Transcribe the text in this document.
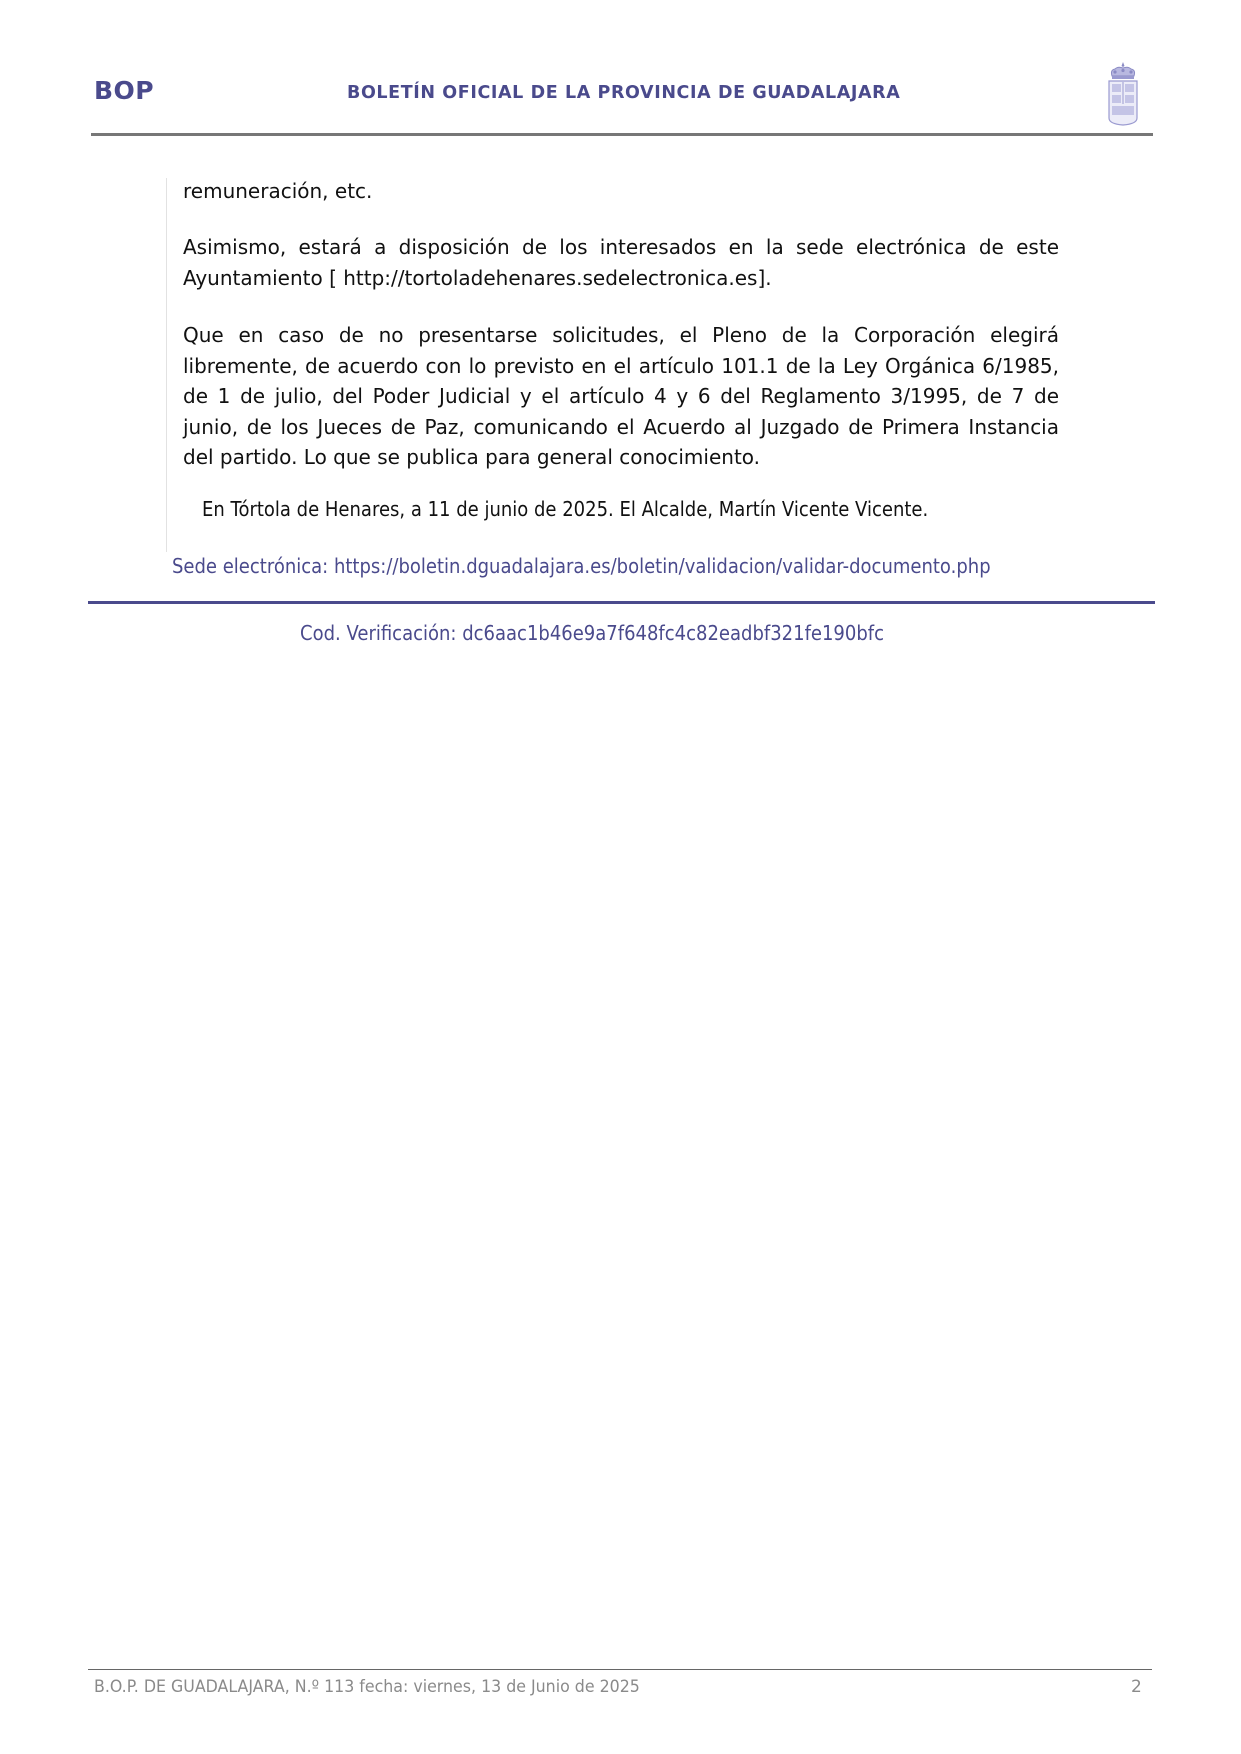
BOP	BOLETÍN OFICIAL DE LA PROVINCIA DE GUADALAJARA

remuneración, etc.

Asimismo, estará a disposición de los interesados en la sede electrónica de este Ayuntamiento [ http://tortoladehenares.sedelectronica.es].

Que en caso de no presentarse solicitudes, el Pleno de la Corporación elegirá libremente, de acuerdo con lo previsto en el artículo 101.1 de la Ley Orgánica 6/1985, de 1 de julio, del Poder Judicial y el artículo 4 y 6 del Reglamento 3/1995, de 7 de junio, de los Jueces de Paz, comunicando el Acuerdo al Juzgado de Primera Instancia del partido. Lo que se publica para general conocimiento.

En Tórtola de Henares, a 11 de junio de 2025. El Alcalde, Martín Vicente Vicente.
Sede electrónica: https://boletin.dguadalajara.es/boletin/validacion/validar-documento.php
Cod. Verificación: dc6aac1b46e9a7f648fc4c82eadbf321fe190bfc
B.O.P. DE GUADALAJARA, N.º 113 fecha: viernes, 13 de Junio de 2025	2
